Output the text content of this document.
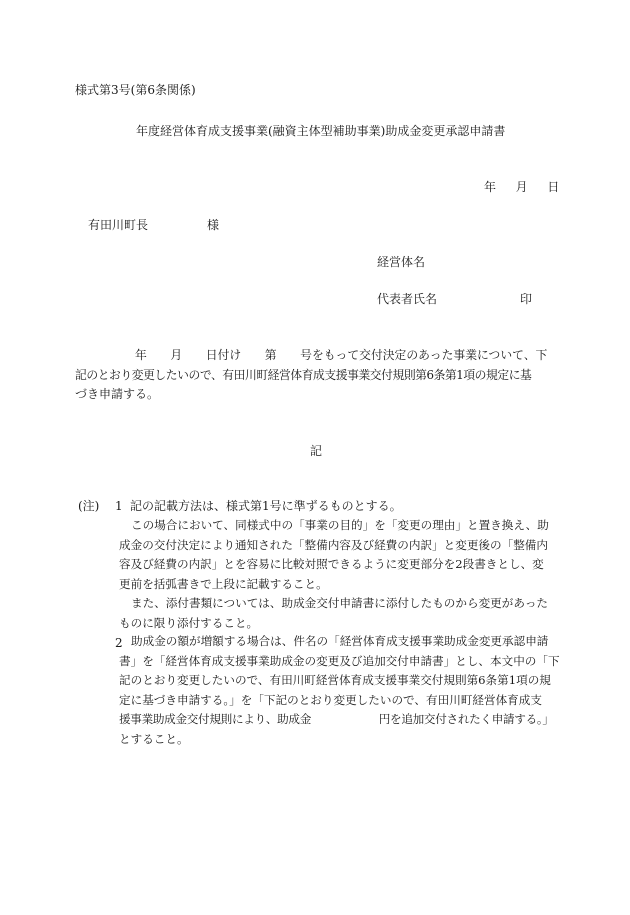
様式第3号(第6条関係)
年度経営体育成支援事業(融資主体型補助事業)助成金変更承認申請書
年 月 日
有田川町長	様
経営体名
代表者氏名	印
年　　月　　日付け　　第　　号をもって交付決定のあった事業について、下
記のとおり変更したいので、有田川町経営体育成支援事業交付規則第6条第1項の規定に基
づき申請する。
記
(注) 1 記の記載方法は、様式第1号に準ずるものとする。
この場合において、同様式中の「事業の目的」を「変更の理由」と置き換え、助
成金の交付決定により通知された「整備内容及び経費の内訳」と変更後の「整備内
容及び経費の内訳」とを容易に比較対照できるように変更部分を2段書きとし、変
更前を括弧書きで上段に記載すること。
また、添付書類については、助成金交付申請書に添付したものから変更があった
ものに限り添付すること。
2 助成金の額が増額する場合は、件名の「経営体育成支援事業助成金変更承認申請
書」を「経営体育成支援事業助成金の変更及び追加交付申請書」とし、本文中の「下
記のとおり変更したいので、有田川町経営体育成支援事業交付規則第6条第1項の規
定に基づき申請する。」を「下記のとおり変更したいので、有田川町経営体育成支
援事業助成金交付規則により、助成金　　　　　　円を追加交付されたく申請する。」
とすること。
